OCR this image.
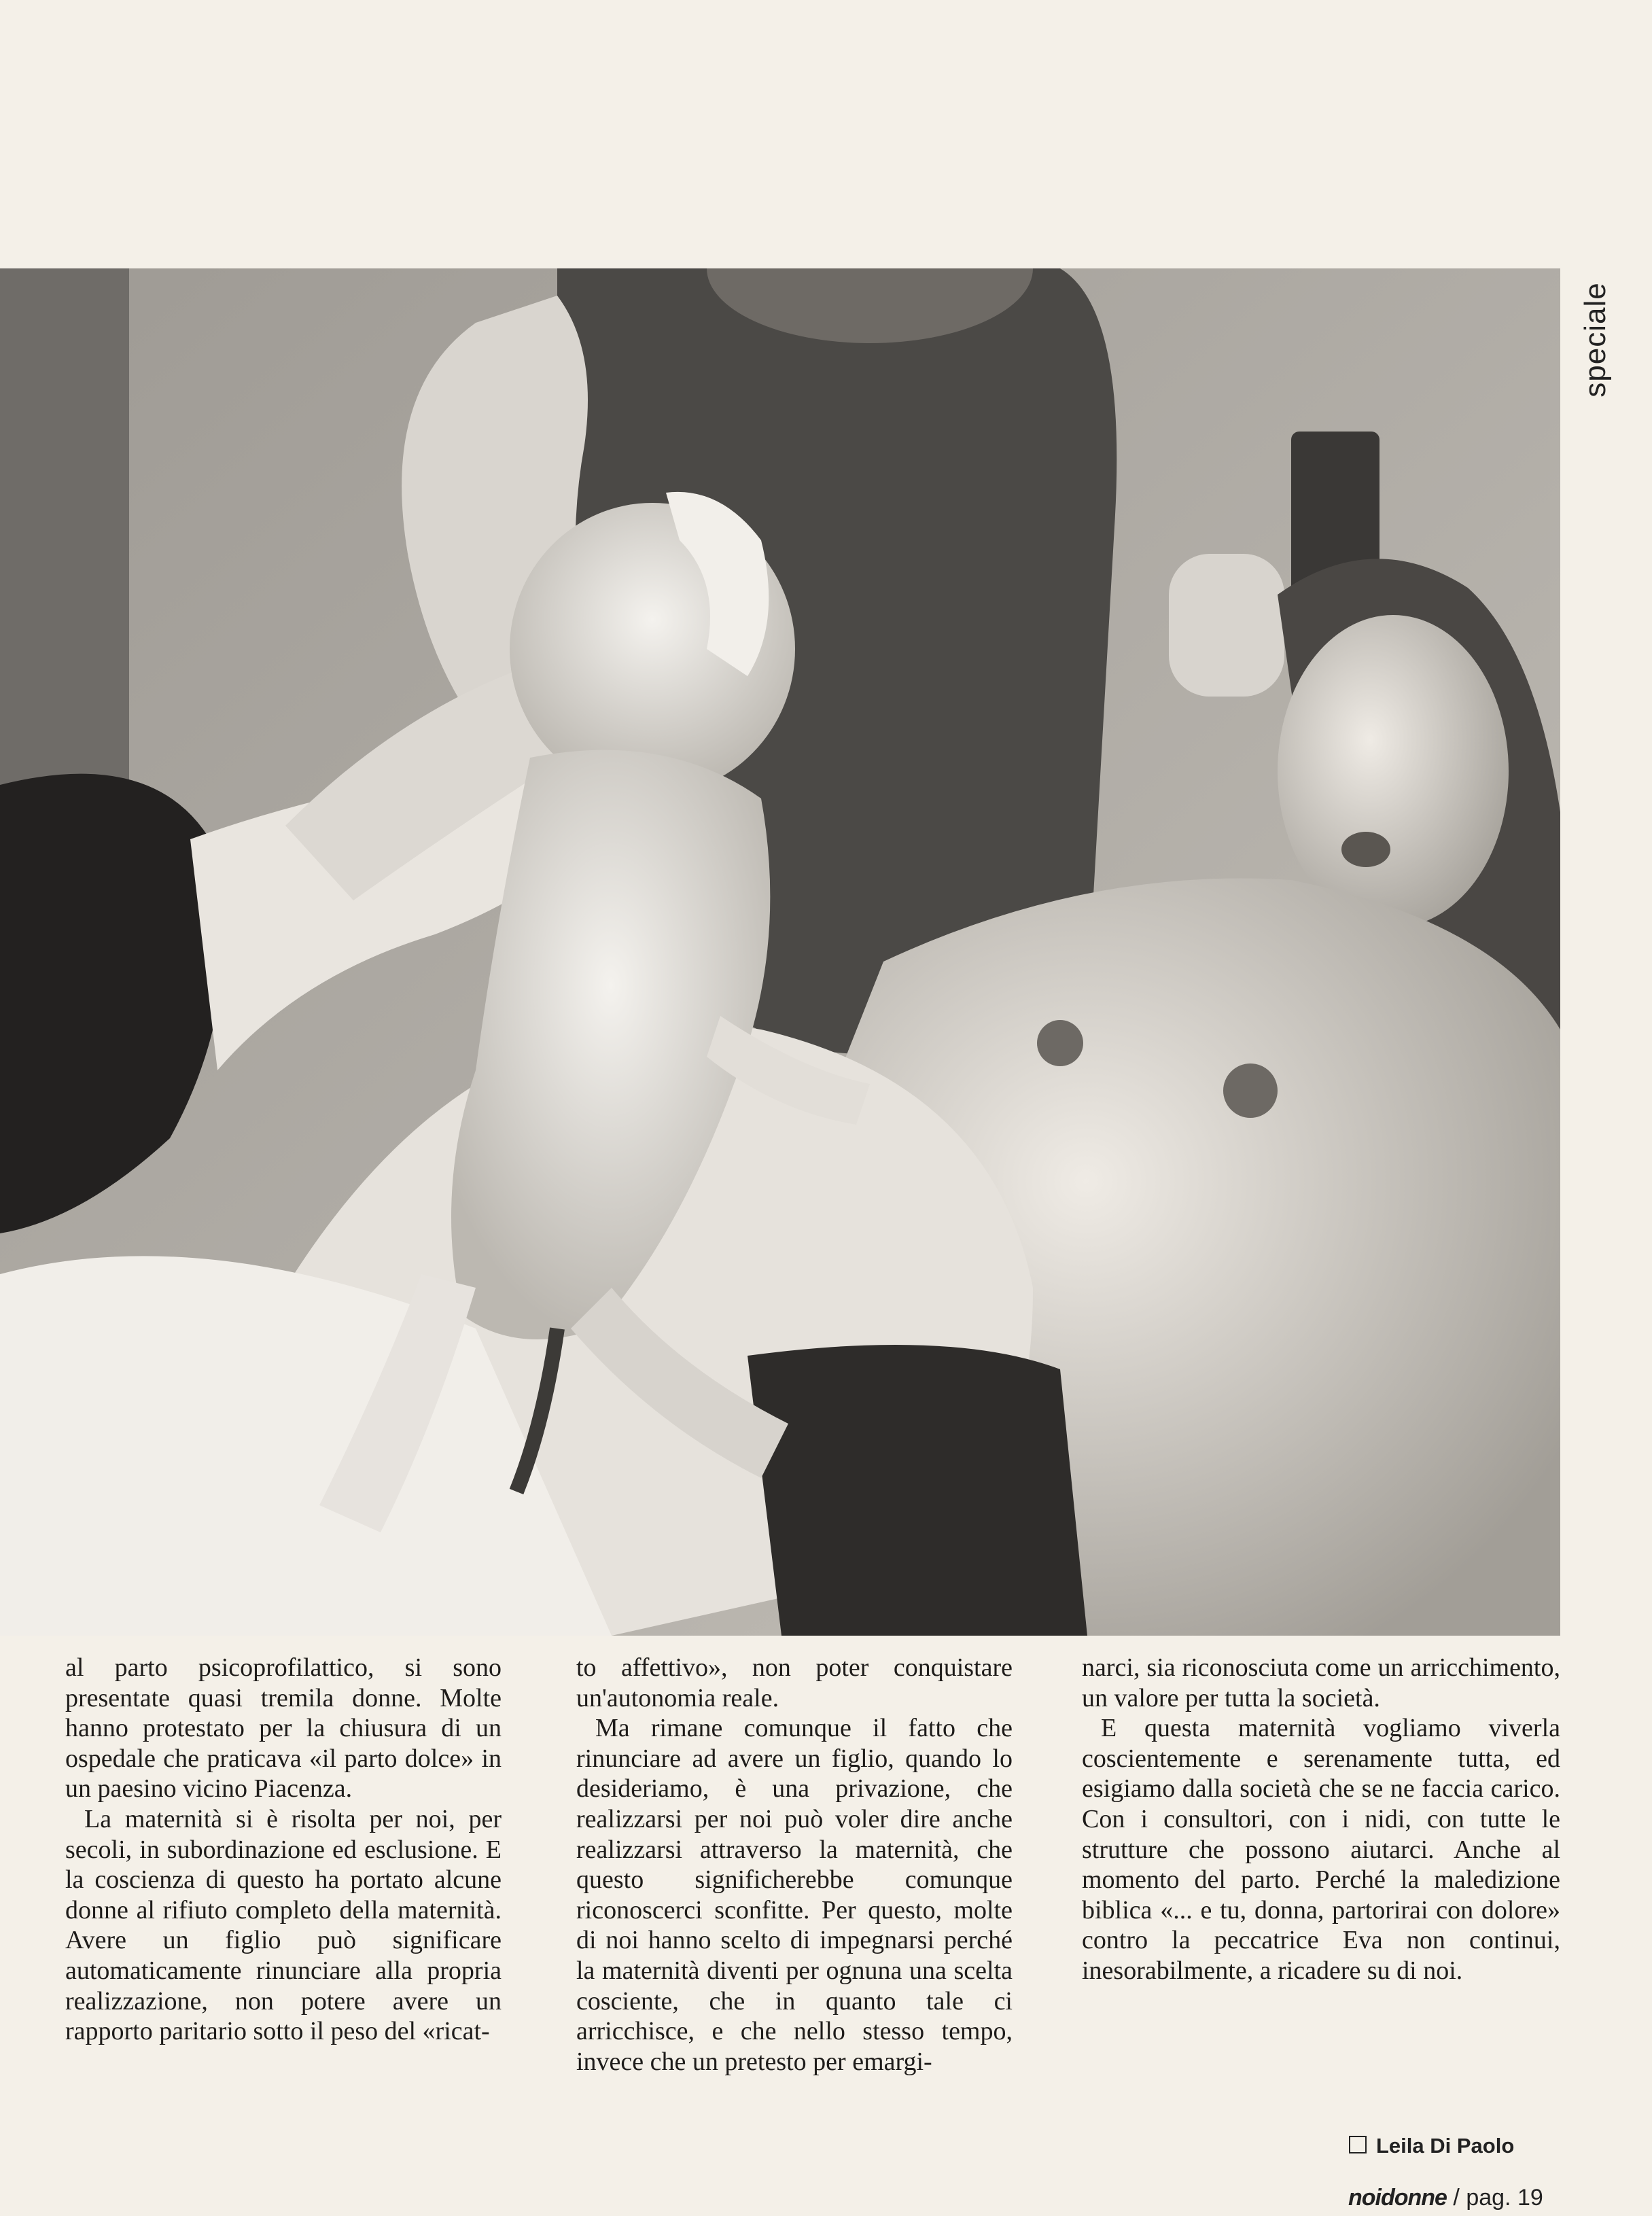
speciale

al parto psicoprofilattico, si sono presentate quasi tremila donne. Molte hanno protestato per la chiusura di un ospedale che praticava «il parto dolce» in un paesino vicino Piacenza.

La maternità si è risolta per noi, per secoli, in subordinazione ed esclusione. E la coscienza di questo ha portato alcune donne al rifiuto completo della maternità. Avere un figlio può significare automaticamente rinunciare alla propria realizzazione, non potere avere un rapporto paritario sotto il peso del «ricat-

to affettivo», non poter conquistare un'autonomia reale.

Ma rimane comunque il fatto che rinunciare ad avere un figlio, quando lo desideriamo, è una privazione, che realizzarsi per noi può voler dire anche realizzarsi attraverso la maternità, che questo significherebbe comunque riconoscerci sconfitte. Per questo, molte di noi hanno scelto di impegnarsi perché la maternità diventi per ognuna una scelta cosciente, che in quanto tale ci arricchisce, e che nello stesso tempo, invece che un pretesto per emargi-

narci, sia riconosciuta come un arricchimento, un valore per tutta la società.

E questa maternità vogliamo viverla coscientemente e serenamente tutta, ed esigiamo dalla società che se ne faccia carico. Con i consultori, con i nidi, con tutte le strutture che possono aiutarci. Anche al momento del parto. Perché la maledizione biblica «... e tu, donna, partorirai con dolore» contro la peccatrice Eva non continui, inesorabilmente, a ricadere su di noi.

Leila Di Paolo
noidonne / pag. 19
